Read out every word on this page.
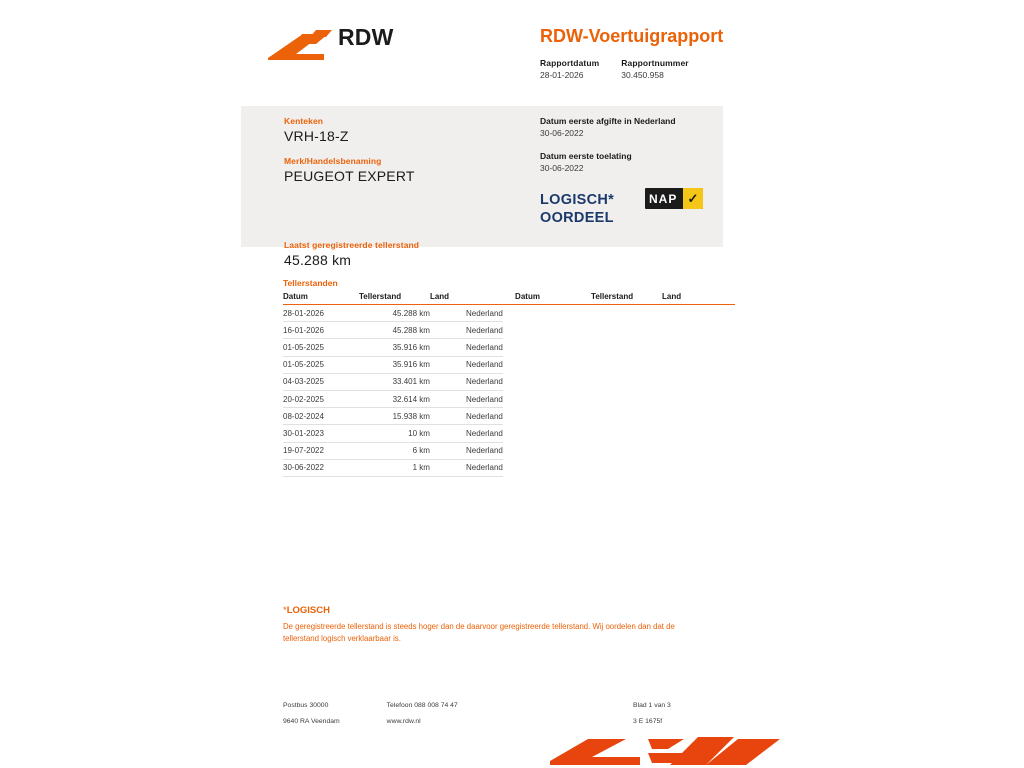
RDW	RDW-Voertuigrapport
Rapportdatum
28-01-2026
Rapportnummer
30.450.958
Kenteken
VRH-18-Z
Merk/Handelsbenaming
PEUGEOT EXPERT
Laatst geregistreerde tellerstand
45.288 km
Datum eerste afgifte in Nederland
30-06-2022
Datum eerste toelating
30-06-2022
LOGISCH*
OORDEEL
NAP ✓
Tellerstanden
Datum	Tellerstand	Land		Datum	Tellerstand	Land
28-01-2026	45.288 km	Nederland				
16-01-2026	45.288 km	Nederland				
01-05-2025	35.916 km	Nederland				
01-05-2025	35.916 km	Nederland				
04-03-2025	33.401 km	Nederland				
20-02-2025	32.614 km	Nederland				
08-02-2024	15.938 km	Nederland				
30-01-2023	10 km	Nederland				
19-07-2022	6 km	Nederland				
30-06-2022	1 km	Nederland				
*LOGISCH
De geregistreerde tellerstand is steeds hoger dan de daarvoor geregistreerde tellerstand. Wij oordelen dan dat de tellerstand logisch verklaarbaar is.
Postbus 30000	Telefoon 088 008 74 47	Blad 1 van 3
9640 RA Veendam	www.rdw.nl	3 E 1675f
